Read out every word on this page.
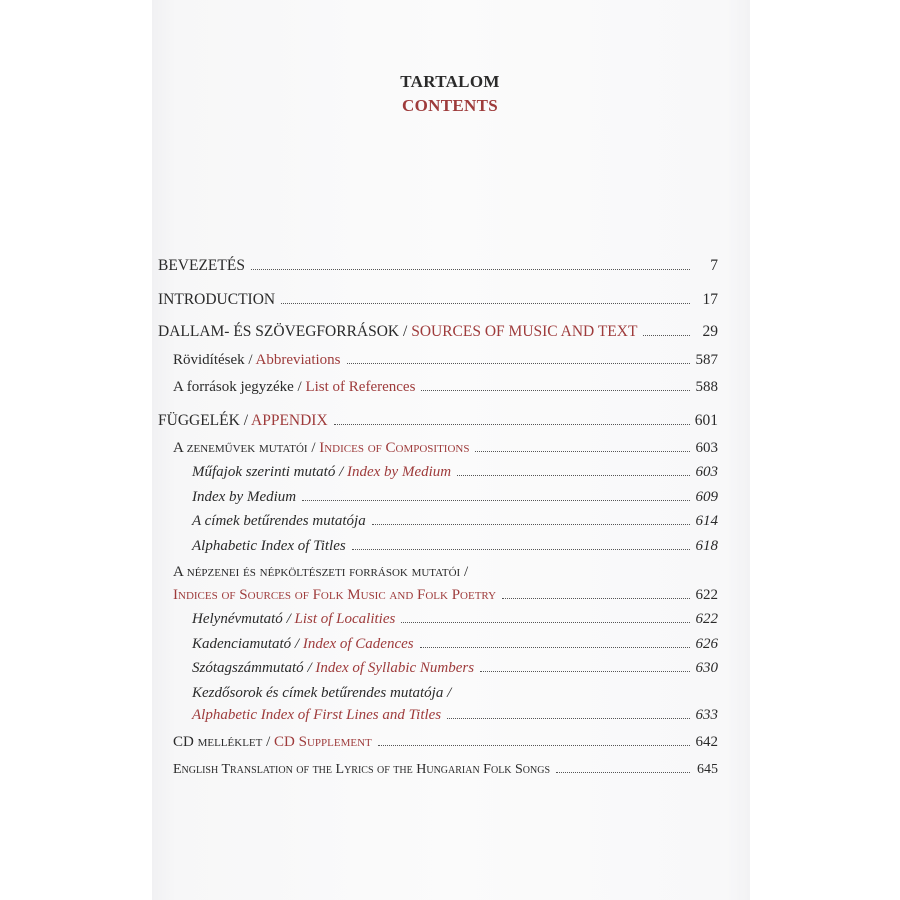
TARTALOM
CONTENTS
BEVEZETÉS	7
INTRODUCTION	17
DALLAM- ÉS SZÖVEGFORRÁSOK / SOURCES OF MUSIC AND TEXT	29
Rövidítések / Abbreviations	587
A források jegyzéke / List of References	588
FÜGGELÉK / APPENDIX	601
A zeneművek mutatói / Indices of Compositions	603
Műfajok szerinti mutató / Index by Medium	603
Index by Medium	609
A címek betűrendes mutatója	614
Alphabetic Index of Titles	618
A népzenei és népköltészeti források mutatói /
Indices of Sources of Folk Music and Folk Poetry	622
Helynévmutató / List of Localities	622
Kadenciamutató / Index of Cadences	626
Szótagszámmutató / Index of Syllabic Numbers	630
Kezdősorok és címek betűrendes mutatója /
Alphabetic Index of First Lines and Titles	633
CD melléklet / CD Supplement	642
English Translation of the Lyrics of the Hungarian Folk Songs	645
